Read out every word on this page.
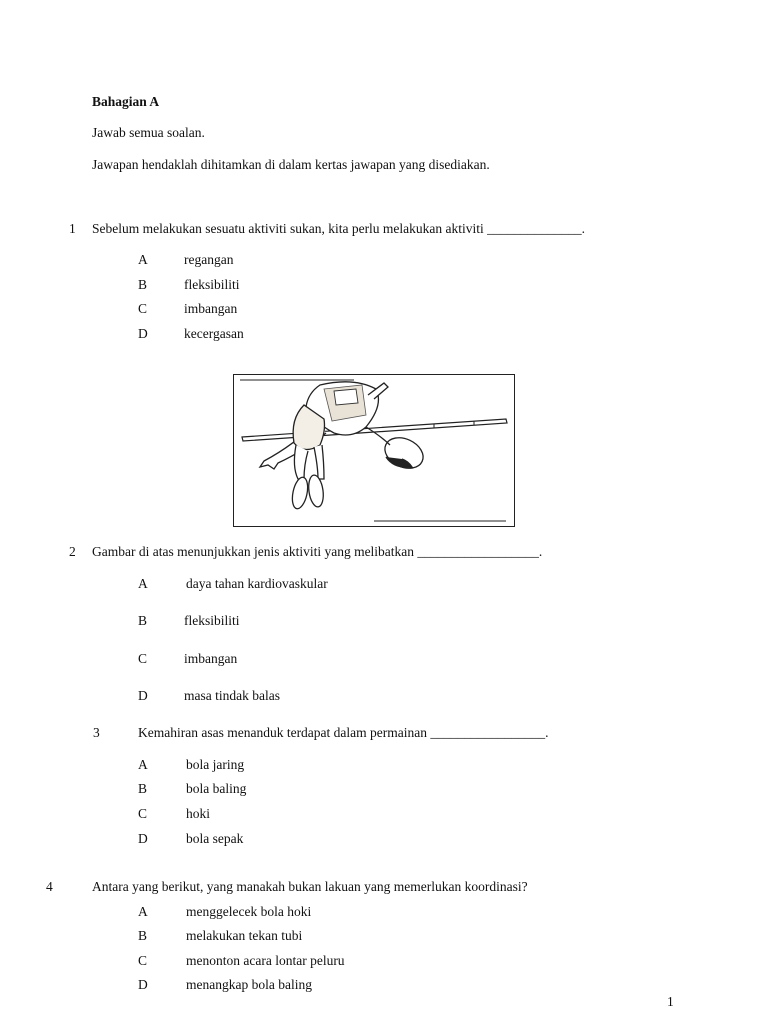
Bahagian A
Jawab semua soalan.
Jawapan hendaklah dihitamkan di dalam kertas jawapan yang disediakan.
1 Sebelum melakukan sesuatu aktiviti sukan, kita perlu melakukan aktiviti ______________.
A	regangan
B	fleksibiliti
C	imbangan
D	kecergasan
2 Gambar di atas menunjukkan jenis aktiviti yang melibatkan __________________.
A	daya tahan kardiovaskular
B	fleksibiliti
C	imbangan
D	masa tindak balas
3	Kemahiran asas menanduk terdapat dalam permainan _________________.
A	bola jaring
B	bola baling
C	hoki
D	bola sepak
4	Antara yang berikut, yang manakah bukan lakuan yang memerlukan koordinasi?
A	menggelecek bola hoki
B	melakukan tekan tubi
C	menonton acara lontar peluru
D	menangkap bola baling
1
